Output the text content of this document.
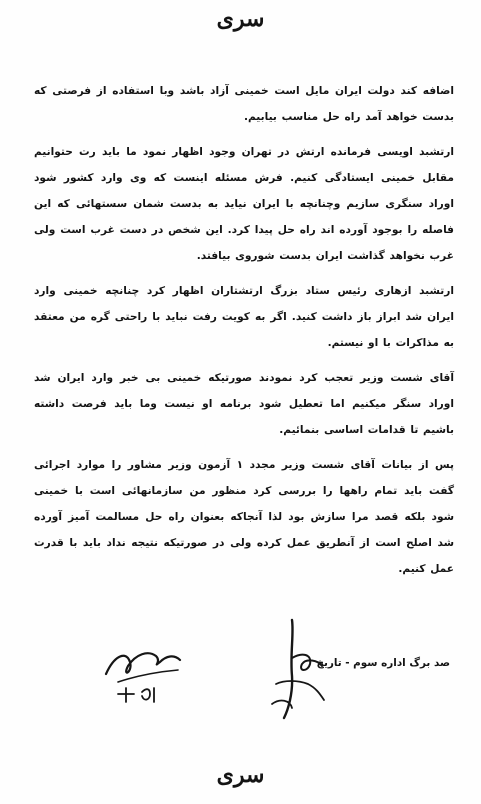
سری

اضافه کند دولت ایران مایل است خمینی آزاد باشد وبا استفاده از فرصتی که بدست خواهد آمد راه حل مناسب بیابیم.

ارتشبد اویسی فرمانده ارتش در تهران وجود اظهار نمود ما باید رت حتوانیم مقابل خمینی ایستادگی کنیم. فرش مسئله اینست که وی وارد کشور شود اوراد سنگری سازیم وچنانچه با ایران نیاید به بدست شمان سستهائی که این فاصله را بوجود آورده اند راه حل پیدا کرد. این شخص در دست غرب است ولی غرب نخواهد گذاشت ایران بدست شوروی بیافتد.

ارتشبد ازهاری رئیس ستاد بزرگ ارتشتاران اظهار کرد چنانچه خمینی وارد ایران شد ابراز باز داشت کنید. اگر به کویت رفت نباید با راحتی گره من معتقد به مذاکرات با او نیستم.

آقای شست وزیر تعجب کرد نمودند صورتیکه خمینی بی خبر وارد ایران شد اوراد سنگر میکنیم اما تعطیل شود برنامه او نیست وما باید فرصت داشته باشیم تا قدامات اساسی بنمائیم.

پس از بیانات آقای شست وزیر مجدد ۱ آزمون وزیر مشاور را موارد اجرائی گفت باید تمام راهها را بررسی کرد منظور من سازمانهائی است با خمینی شود بلکه قصد مرا سازش بود لذا آنجاکه بعنوان راه حل مسالمت آمیز آورده شد اصلح است از آنطریق عمل کرده ولی در صورتیکه نتیجه نداد باید با قدرت عمل کنیم.

صد برگ اداره سوم - تاریخ
سری
